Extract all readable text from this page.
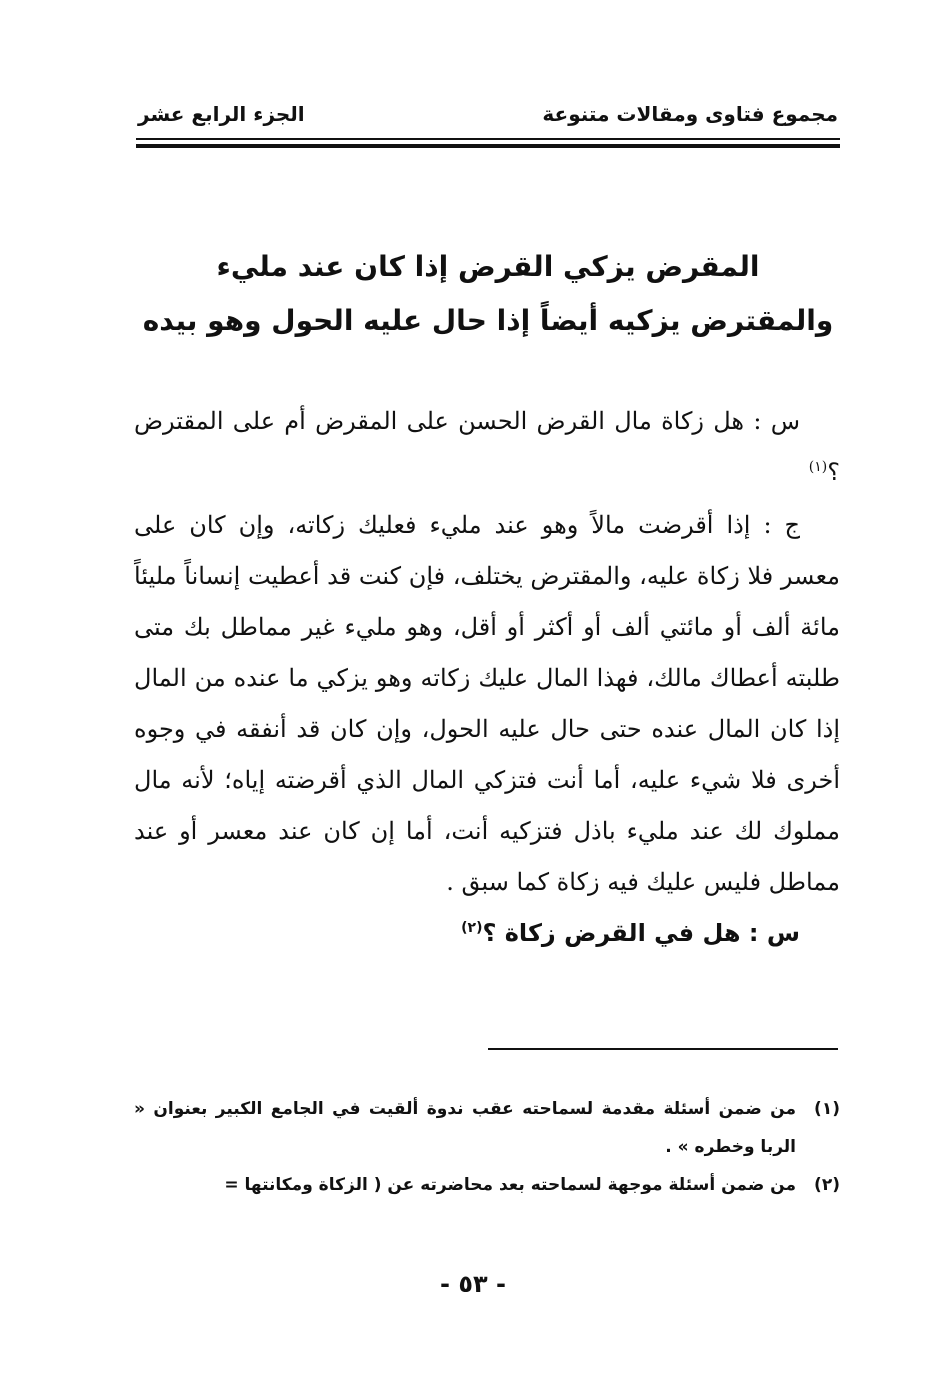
مجموع فتاوى ومقالات متنوعة
الجزء الرابع عشر
المقرض يزكي القرض إذا كان عند مليء
والمقترض يزكيه أيضاً إذا حال عليه الحول وهو بيده

س : هل زكاة مال القرض الحسن على المقرض أم على المقترض ؟$^{(١)}$

ج : إذا أقرضت مالاً وهو عند مليء فعليك زكاته، وإن كان على معسر فلا زكاة عليه، والمقترض يختلف، فإن كنت قد أعطيت إنساناً مليئاً مائة ألف أو مائتي ألف أو أكثر أو أقل، وهو مليء غير مماطل بك متى طلبته أعطاك مالك، فهذا المال عليك زكاته وهو يزكي ما عنده من المال إذا كان المال عنده حتى حال عليه الحول، وإن كان قد أنفقه في وجوه أخرى فلا شيء عليه، أما أنت فتزكي المال الذي أقرضته إياه؛ لأنه مال مملوك لك عند مليء باذل فتزكيه أنت، أما إن كان عند معسر أو عند مماطل فليس عليك فيه زكاة كما سبق .

س : هل في القرض زكاة ؟$^{(٢)}$

(١)
من ضمن أسئلة مقدمة لسماحته عقب ندوة ألقيت في الجامع الكبير بعنوان « الربا وخطره » .
(٢)
من ضمن أسئلة موجهة لسماحته بعد محاضرته عن ( الزكاة ومكانتها =
- ٥٣ -
